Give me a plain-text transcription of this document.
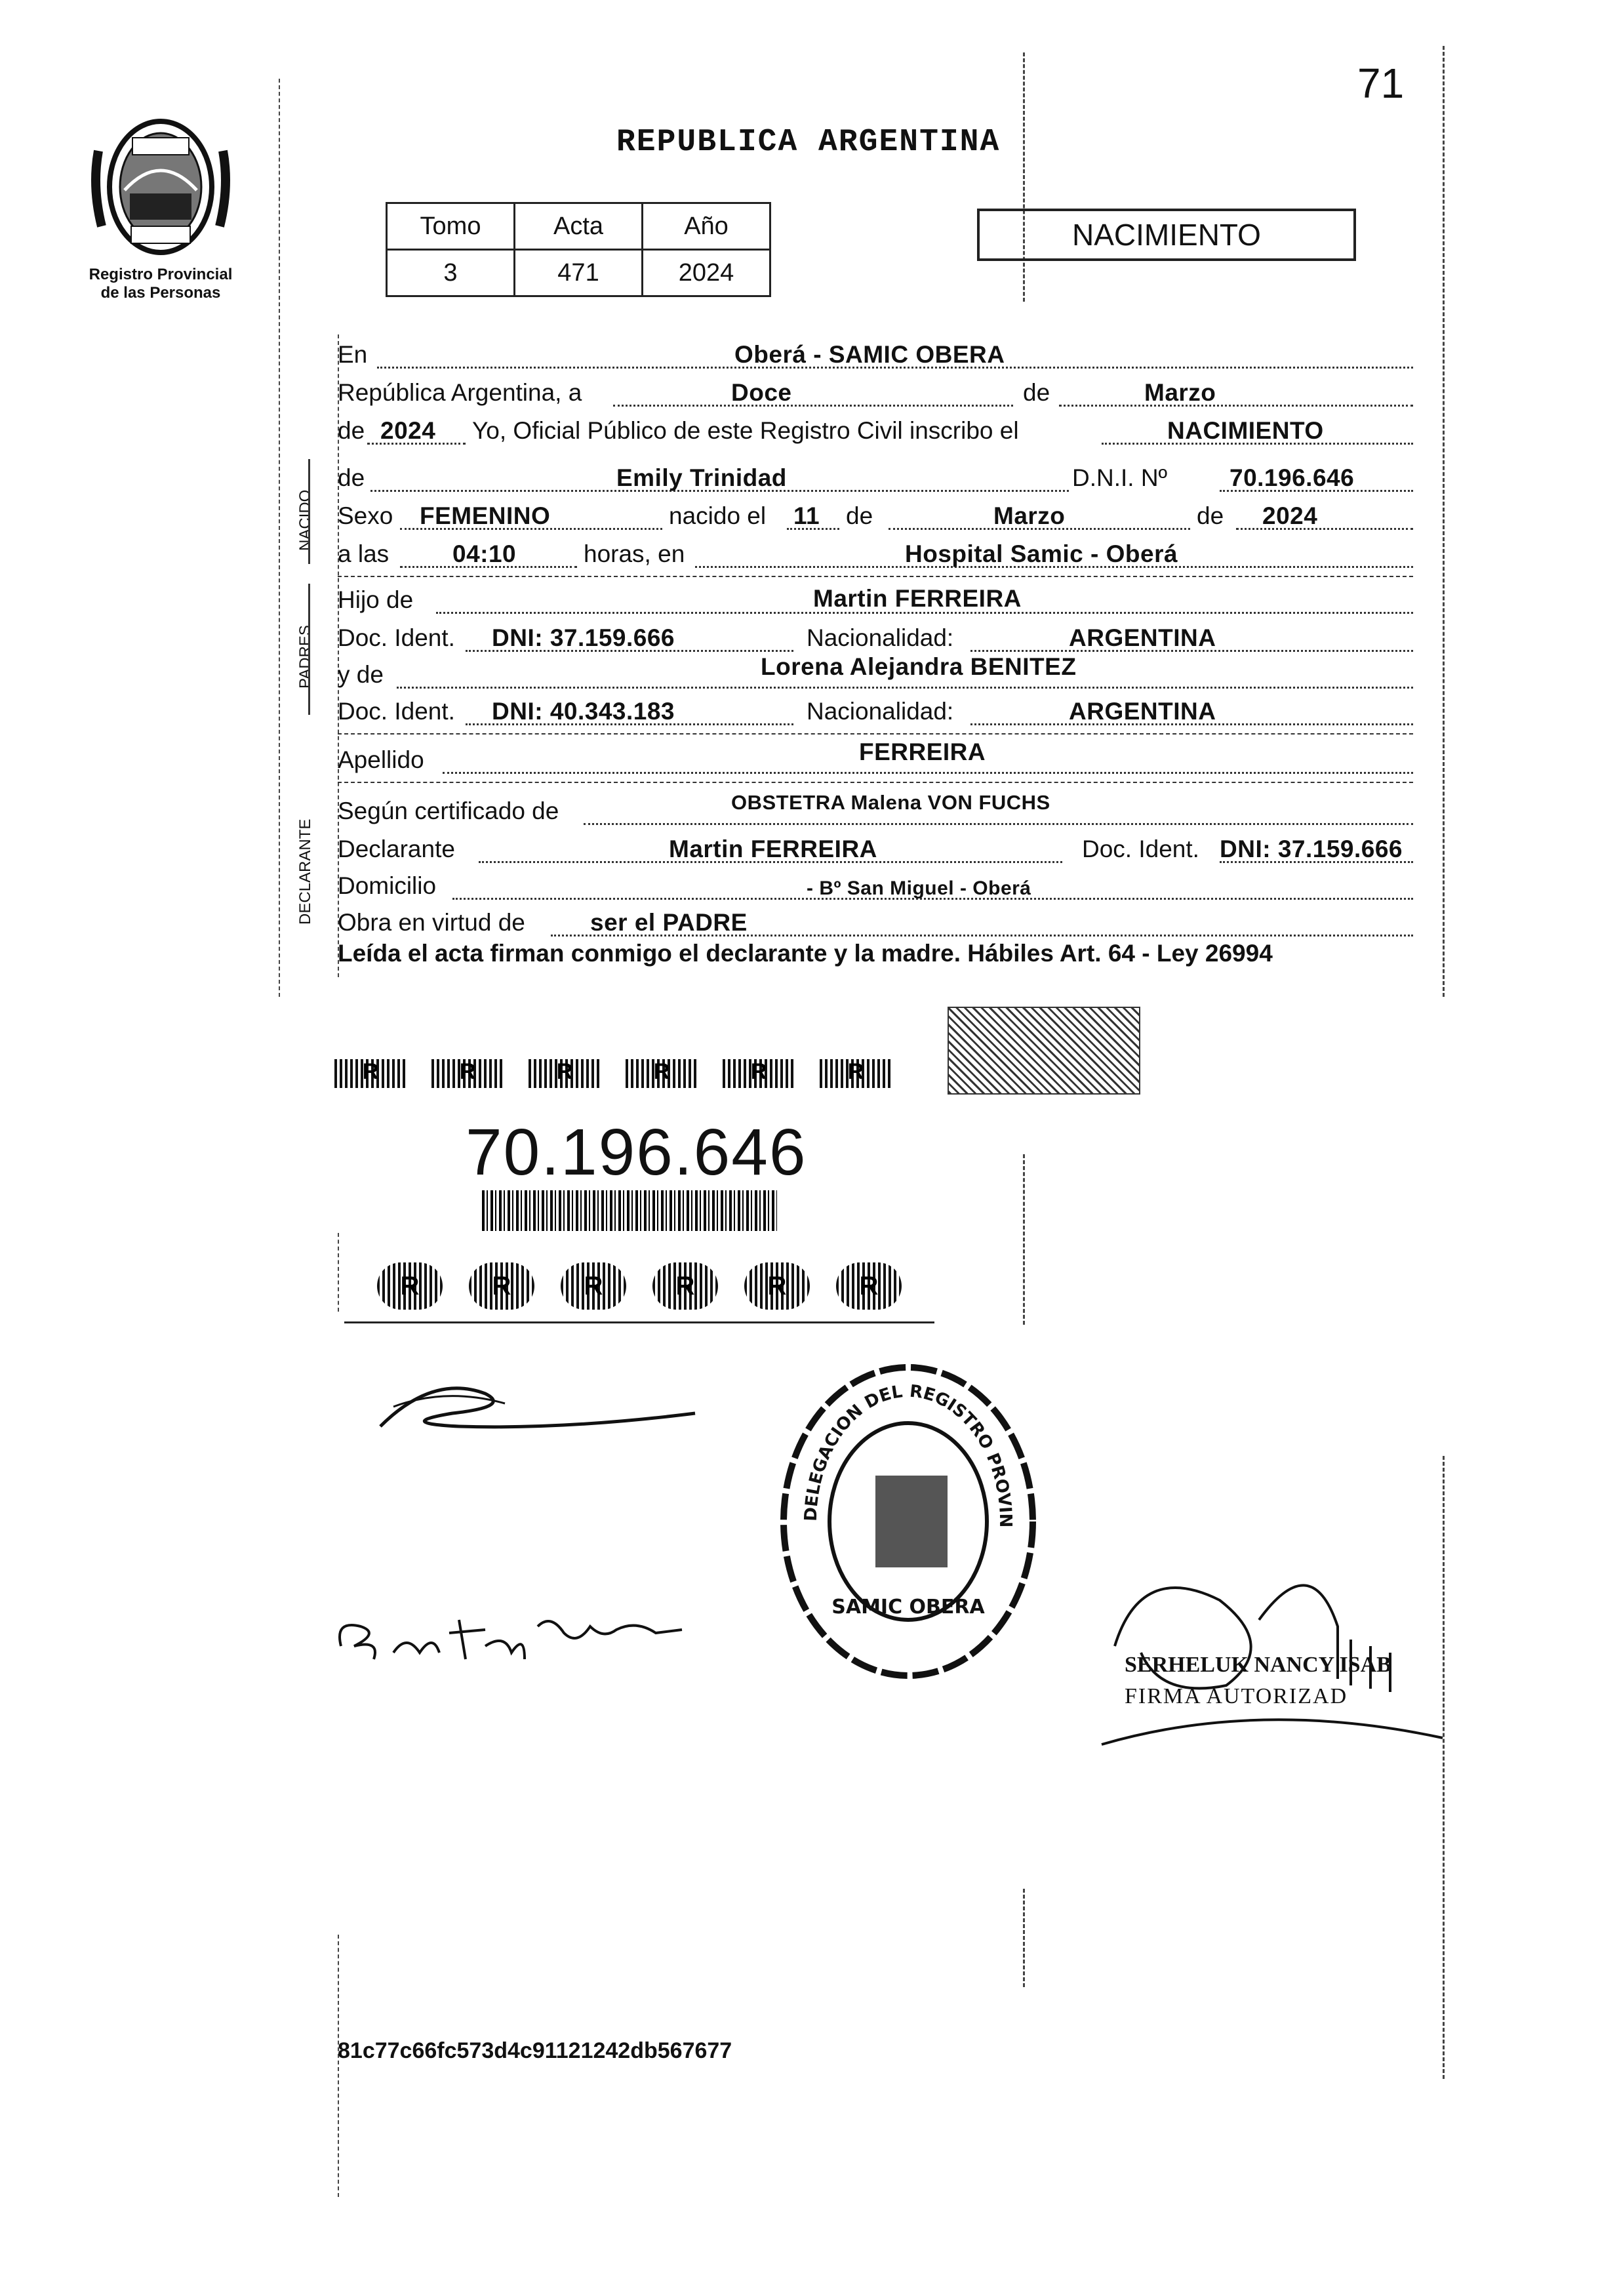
71
Registro Provincial
de las Personas
REPUBLICA ARGENTINA
Tomo	Acta	Año
3	471	2024
NACIMIENTO
NACIDO
PADRES
DECLARANTE
En	Oberá - SAMIC OBERA
República Argentina, a	Doce	de	Marzo
de 2024 Yo, Oficial Público de este Registro Civil inscribo el	NACIMIENTO
de	Emily Trinidad	D.N.I. Nº	70.196.646
Sexo FEMENINO	nacido el 11 de	Marzo	de 2024
a las	04:10	horas, en	Hospital Samic - Oberá
Hijo de	Martin FERREIRA
Doc. Ident. DNI: 37.159.666	Nacionalidad:	ARGENTINA
y de	Lorena Alejandra BENITEZ
Doc. Ident. DNI: 40.343.183	Nacionalidad:	ARGENTINA
Apellido	FERREIRA
Según certificado de	OBSTETRA Malena VON FUCHS
Declarante	Martin FERREIRA	Doc. Ident. DNI: 37.159.666
Domicilio	- Bº San Miguel - Oberá
Obra en virtud de	ser el PADRE
Leída el acta firman conmigo el declarante y la madre. Hábiles Art. 64 - Ley 26994
R	R	R	R	R	R
70.196.646
R	R	R	R	R	R
DELEGACION DEL REGISTRO PROVIN
SAMIC OBERA
SERHELUK NANCY ISAB
FIRMA AUTORIZAD
81c77c66fc573d4c91121242db567677
